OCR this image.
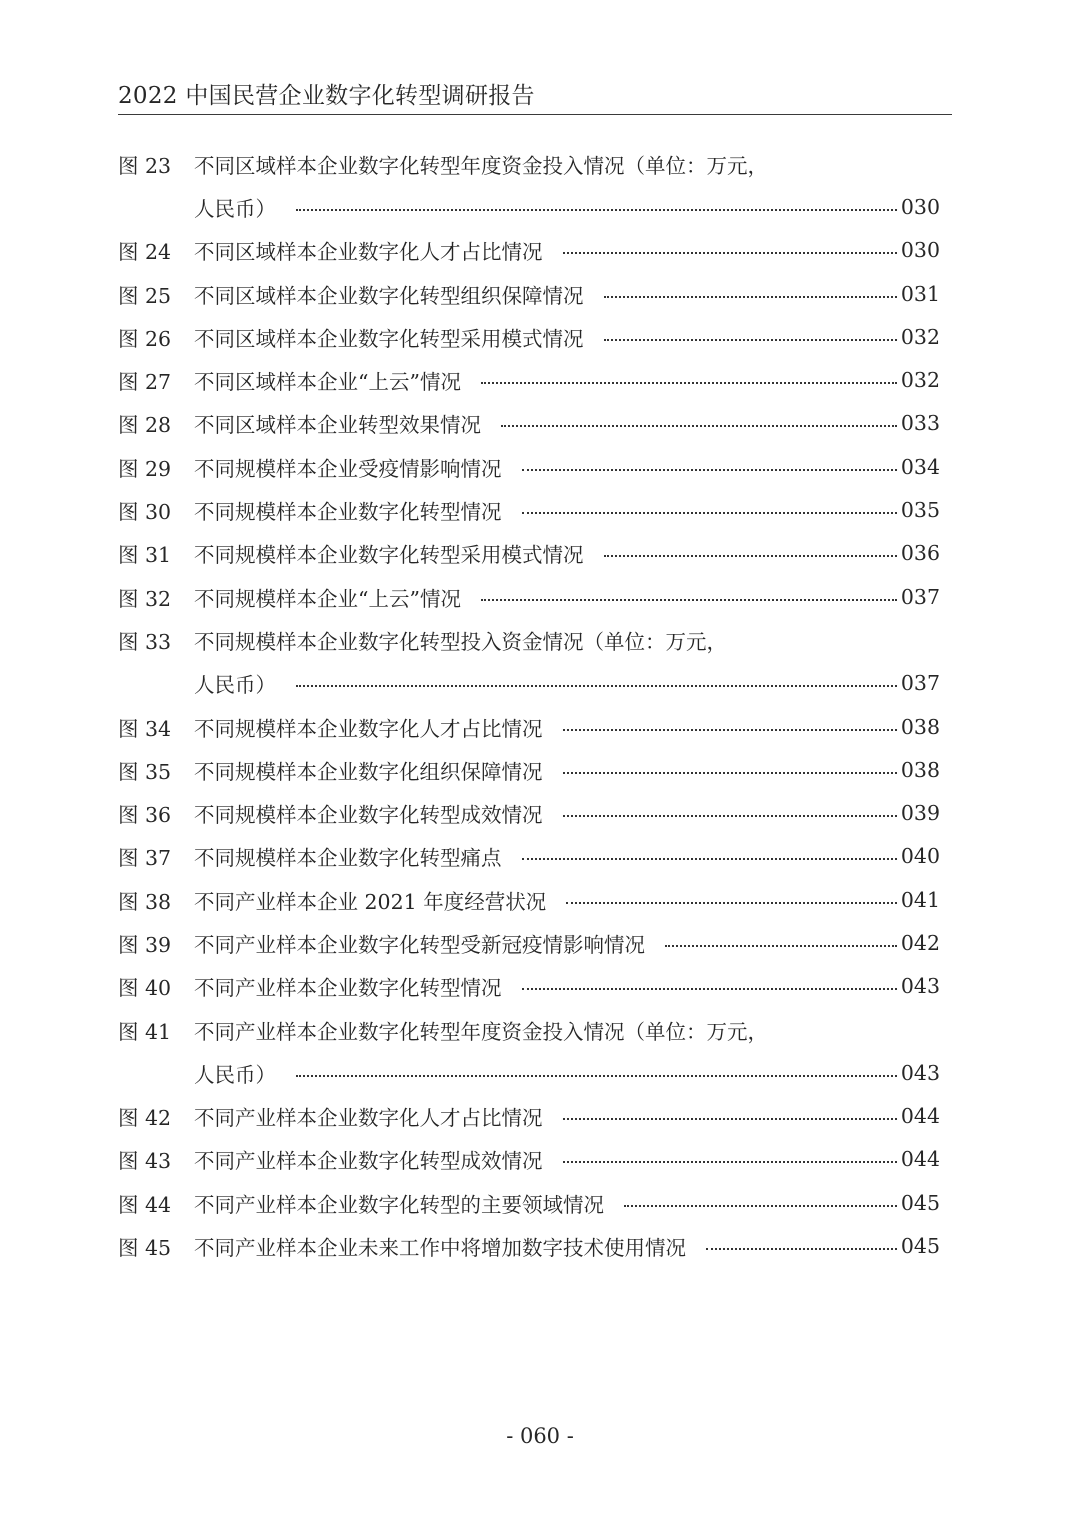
2022 中国民营企业数字化转型调研报告
图 23	不同区域样本企业数字化转型年度资金投入情况（单位：万元，
人民币）	030
图 24	不同区域样本企业数字化人才占比情况	030
图 25	不同区域样本企业数字化转型组织保障情况	031
图 26	不同区域样本企业数字化转型采用模式情况	032
图 27	不同区域样本企业“上云”情况	032
图 28	不同区域样本企业转型效果情况	033
图 29	不同规模样本企业受疫情影响情况	034
图 30	不同规模样本企业数字化转型情况	035
图 31	不同规模样本企业数字化转型采用模式情况	036
图 32	不同规模样本企业“上云”情况	037
图 33	不同规模样本企业数字化转型投入资金情况（单位：万元，
人民币）	037
图 34	不同规模样本企业数字化人才占比情况	038
图 35	不同规模样本企业数字化组织保障情况	038
图 36	不同规模样本企业数字化转型成效情况	039
图 37	不同规模样本企业数字化转型痛点	040
图 38	不同产业样本企业 2021 年度经营状况	041
图 39	不同产业样本企业数字化转型受新冠疫情影响情况	042
图 40	不同产业样本企业数字化转型情况	043
图 41	不同产业样本企业数字化转型年度资金投入情况（单位：万元，
人民币）	043
图 42	不同产业样本企业数字化人才占比情况	044
图 43	不同产业样本企业数字化转型成效情况	044
图 44	不同产业样本企业数字化转型的主要领域情况	045
图 45	不同产业样本企业未来工作中将增加数字技术使用情况	045
- 060 -
